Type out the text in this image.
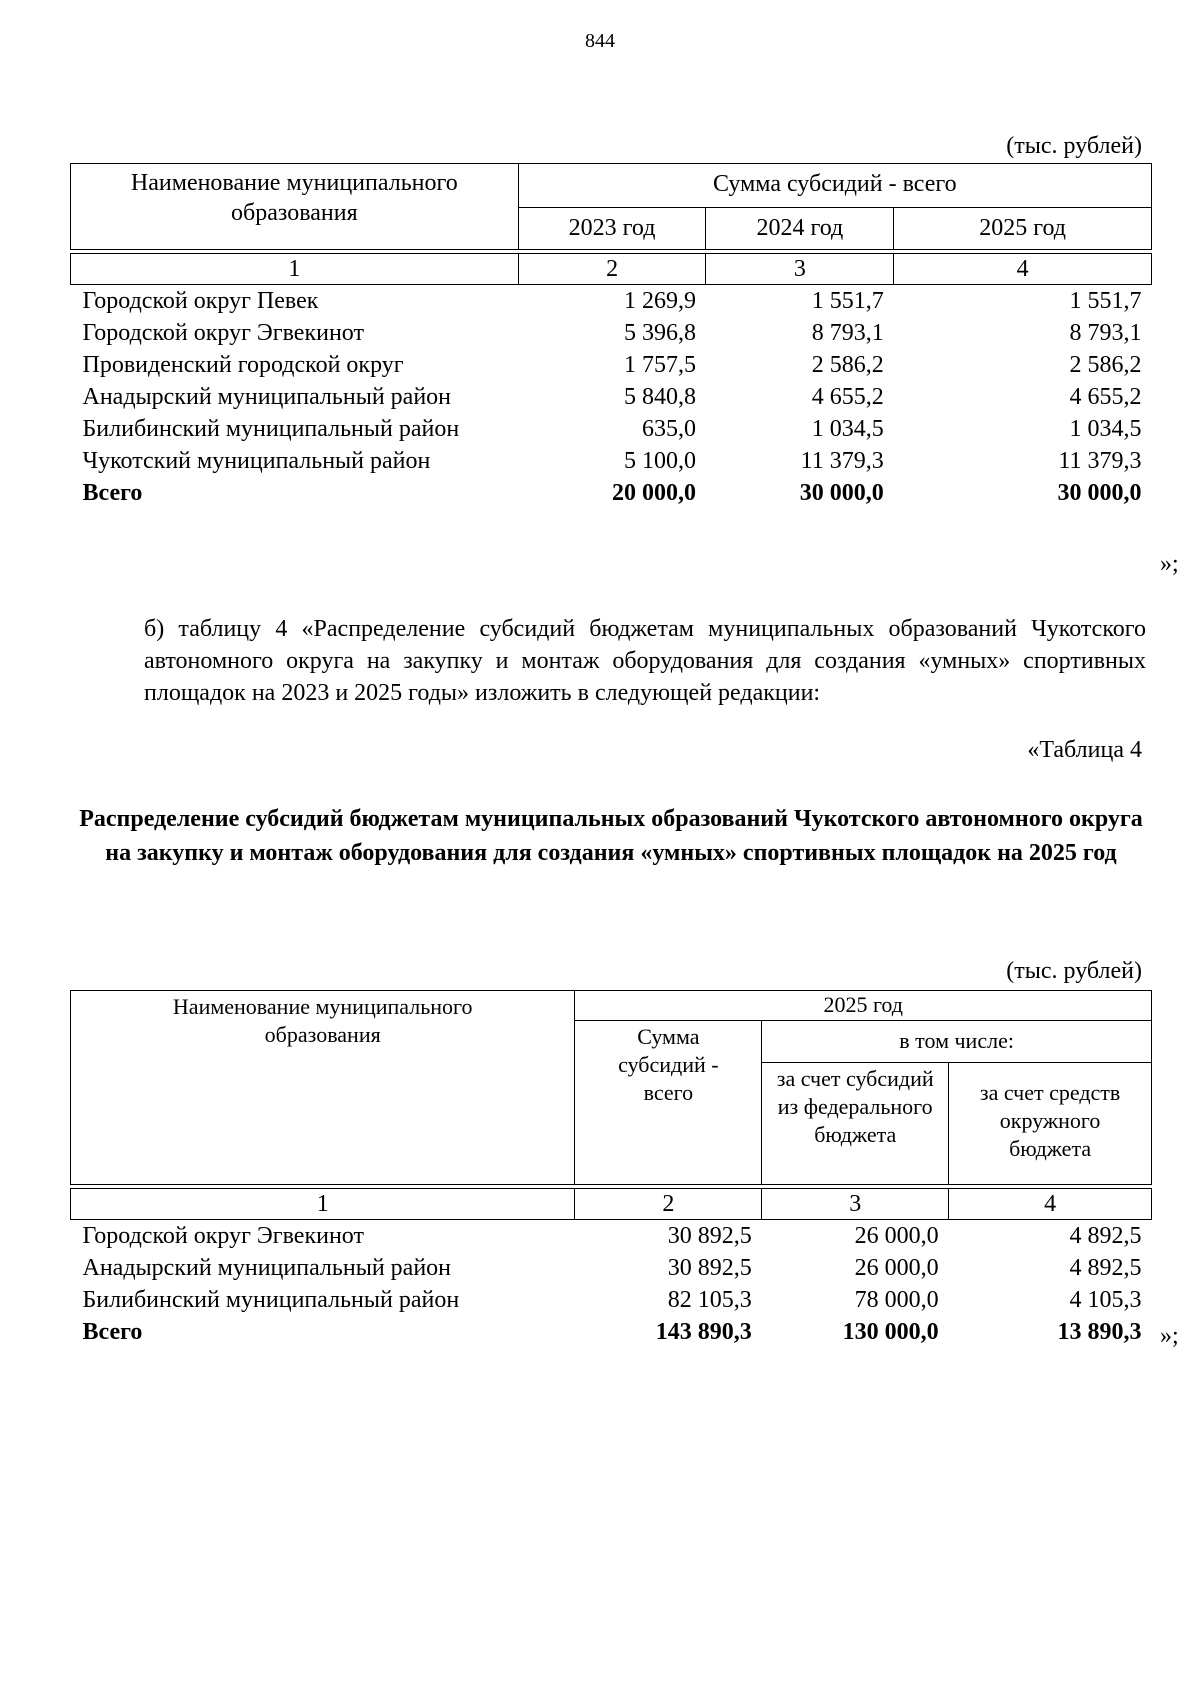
844
(тыс. рублей)
Наименование муниципального образования	Сумма субсидий - всего		
	2023 год	2024 год	2025 год

1	2	3	4
Городской округ Певек	1 269,9	1 551,7	1 551,7
Городской округ Эгвекинот	5 396,8	8 793,1	8 793,1
Провиденский городской округ	1 757,5	2 586,2	2 586,2
Анадырский муниципальный район	5 840,8	4 655,2	4 655,2
Билибинский муниципальный район	635,0	1 034,5	1 034,5
Чукотский муниципальный район	5 100,0	11 379,3	11 379,3
Всего	20 000,0	30 000,0	30 000,0
»;
б) таблицу 4 «Распределение субсидий бюджетам муниципальных образований Чукотского автономного округа на закупку и монтаж оборудования для создания «умных» спортивных площадок на 2023 и 2025 годы» изложить в следующей редакции:
«Таблица 4
Распределение субсидий бюджетам муниципальных образований Чукотского автономного округа на закупку и монтаж оборудования для создания «умных» спортивных площадок на 2025 год
(тыс. рублей)
Наименование муниципального образования	2025 год		
	Сумма субсидий - всего	в том числе:	
		за счет субсидий из федерального бюджета	за счет средств окружного бюджета

1	2	3	4
Городской округ Эгвекинот	30 892,5	26 000,0	4 892,5
Анадырский муниципальный район	30 892,5	26 000,0	4 892,5
Билибинский муниципальный район	82 105,3	78 000,0	4 105,3
Всего	143 890,3	130 000,0	13 890,3 »;
